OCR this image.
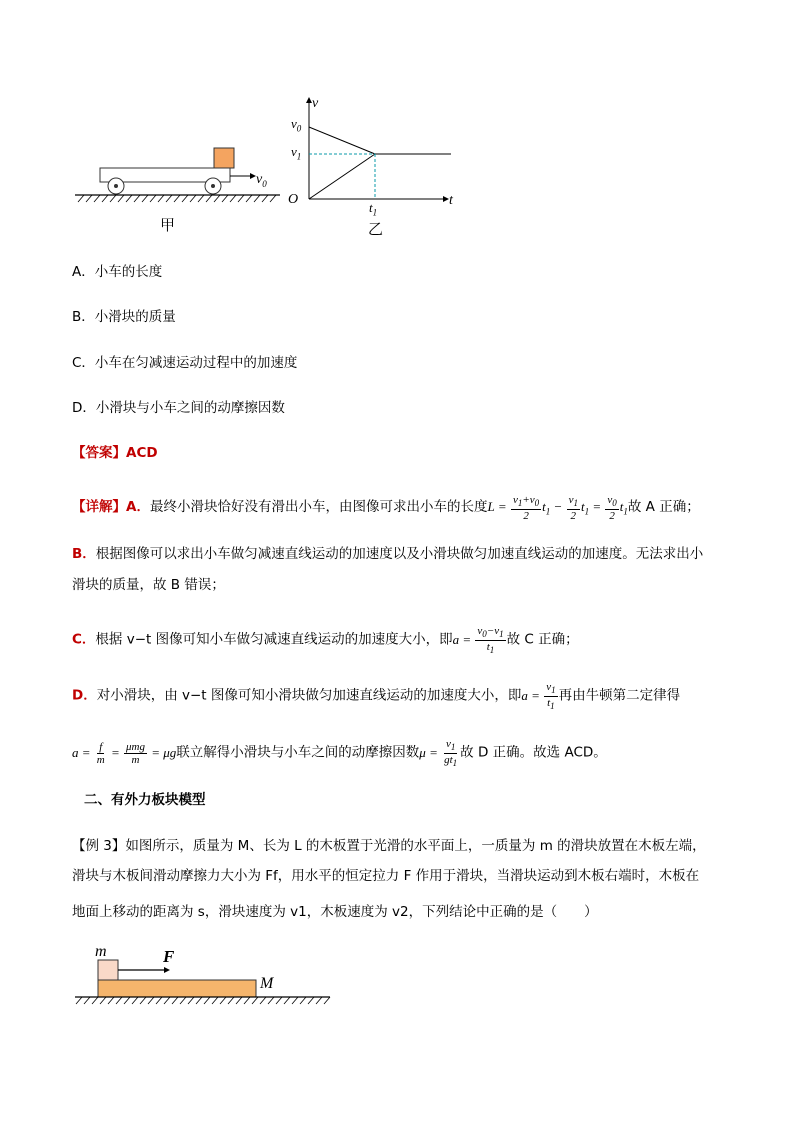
$v_0$
甲
v
$v_0$
$v_1$
O	t
$t_1$
乙
A．小车的长度
B．小滑块的质量
C．小车在匀减速运动过程中的加速度
D．小滑块与小车之间的动摩擦因数
【答案】ACD
【详解】A．最终小滑块恰好没有滑出小车，由图像可求出小车的长度$L = \frac{v_1+v_0}{2} t_1 - \frac{v_1}{2} t_1 = \frac{v_0}{2} t_1$故 A 正确；
B．根据图像可以求出小车做匀减速直线运动的加速度以及小滑块做匀加速直线运动的加速度。无法求出小
滑块的质量，故 B 错误；
C．根据 v−t 图像可知小车做匀减速直线运动的加速度大小，即$a = \frac{v_0-v_1}{t_1}$ 故 C 正确；
D．对小滑块，由 v−t 图像可知小滑块做匀加速直线运动的加速度大小，即$a = \frac{v_1}{t_1}$ 再由牛顿第二定律得
$a = \frac{f}{m} = \frac{\text{μmg}}{m} = \mu g$联立解得小滑块与小车之间的动摩擦因数$\mu = \frac{v_1}{gt_1}$ 故 D 正确。故选 ACD。
二、有外力板块模型
【例 3】如图所示，质量为 M、长为 L 的木板置于光滑的水平面上，一质量为 m 的滑块放置在木板左端，
滑块与木板间滑动摩擦力大小为 Ff，用水平的恒定拉力 F 作用于滑块，当滑块运动到木板右端时，木板在
地面上移动的距离为 s，滑块速度为 v1，木板速度为 v2，下列结论中正确的是（　　）
m	F
M
